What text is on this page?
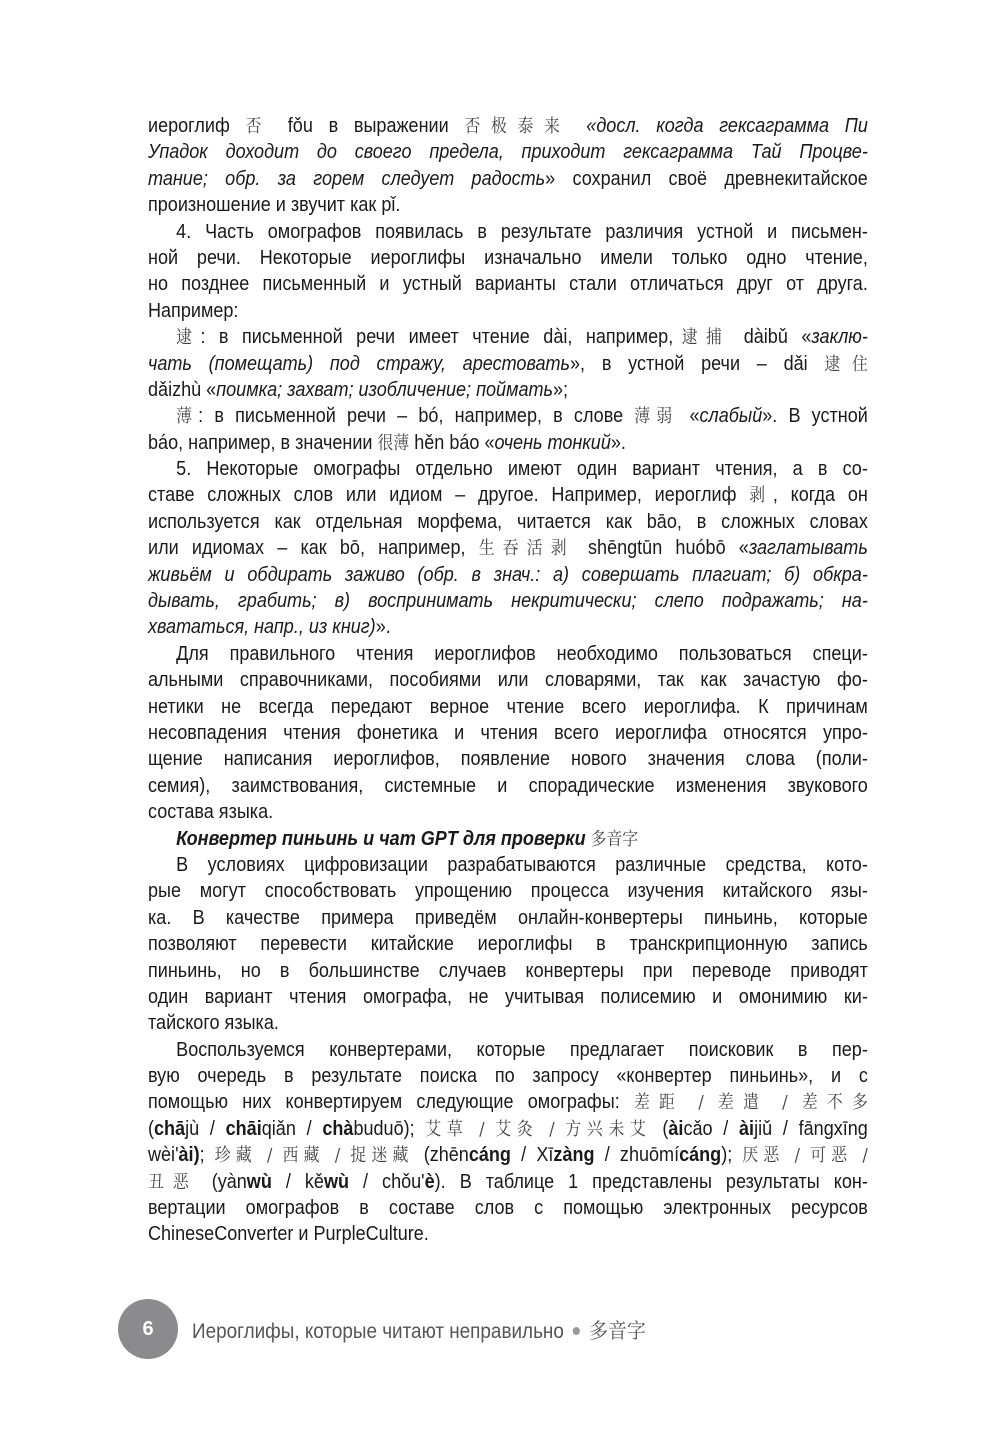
иероглиф 否 fǒu в выражении 否极泰来 «досл. когда гексаграмма Пи
Упадок доходит до своего предела, приходит гексаграмма Тай Процве-
тание; обр. за горем следует радость» сохранил своё древнекитайское
произношение и звучит как pǐ.
4. Часть омографов появилась в результате различия устной и письмен-
ной речи. Некоторые иероглифы изначально имели только одно чтение,
но позднее письменный и устный варианты стали отличаться друг от друга.
Например:
逮: в письменной речи имеет чтение dài, например,逮捕 dàibǔ «заклю-
чать (помещать) под стражу, арестовать», в устной речи – dǎi 逮住
dǎizhù «поимка; захват; изобличение; поймать»;
薄: в письменной речи – bó, например, в слове 薄弱 «слабый». В устной
báo, например, в значении 很薄 hěn báo «очень тонкий».
5. Некоторые омографы отдельно имеют один вариант чтения, а в со-
ставе сложных слов или идиом – другое. Например, иероглиф 剥, когда он
используется как отдельная морфема, читается как bāo, в сложных словах
или идиомах – как bō, например, 生吞活剥 shēngtūn huóbō «заглатывать
живьём и обдирать заживо (обр. в знач.: а) совершать плагиат; б) обкра-
дывать, грабить; в) воспринимать некритически; слепо подражать; на-
хвататься, напр., из книг)».
Для правильного чтения иероглифов необходимо пользоваться специ-
альными справочниками, пособиями или словарями, так как зачастую фо-
нетики не всегда передают верное чтение всего иероглифа. К причинам
несовпадения чтения фонетика и чтения всего иероглифа относятся упро-
щение написания иероглифов, появление нового значения слова (поли-
семия), заимствования, системные и спорадические изменения звукового
состава языка.
Конвертер пиньинь и чат GPT для проверки 多音字
В условиях цифровизации разрабатываются различные средства, кото-
рые могут способствовать упрощению процесса изучения китайского язы-
ка. В качестве примера приведём онлайн-конвертеры пиньинь, которые
позволяют перевести китайские иероглифы в транскрипционную запись
пиньинь, но в большинстве случаев конвертеры при переводе приводят
один вариант чтения омографа, не учитывая полисемию и омонимию ки-
тайского языка.
Воспользуемся конвертерами, которые предлагает поисковик в пер-
вую очередь в результате поиска по запросу «конвертер пиньинь», и с
помощью них конвертируем следующие омографы: 差距 / 差遣 / 差不多
(chājù / chāiqiǎn / chàbuduō); 艾草 / 艾灸 / 方兴未艾 (àicǎo / àijiǔ / fāngxīng
wèi'ài); 珍藏 / 西藏 / 捉迷藏 (zhēncáng / Xīzàng / zhuōmícáng); 厌恶 / 可恶 /
丑恶 (yànwù / kěwù / chǒu'è). В таблице 1 представлены результаты кон-
вертации омографов в составе слов с помощью электронных ресурсов
ChineseConverter и PurpleCulture.
6	Иероглифы, которые читают неправильно 多音字
